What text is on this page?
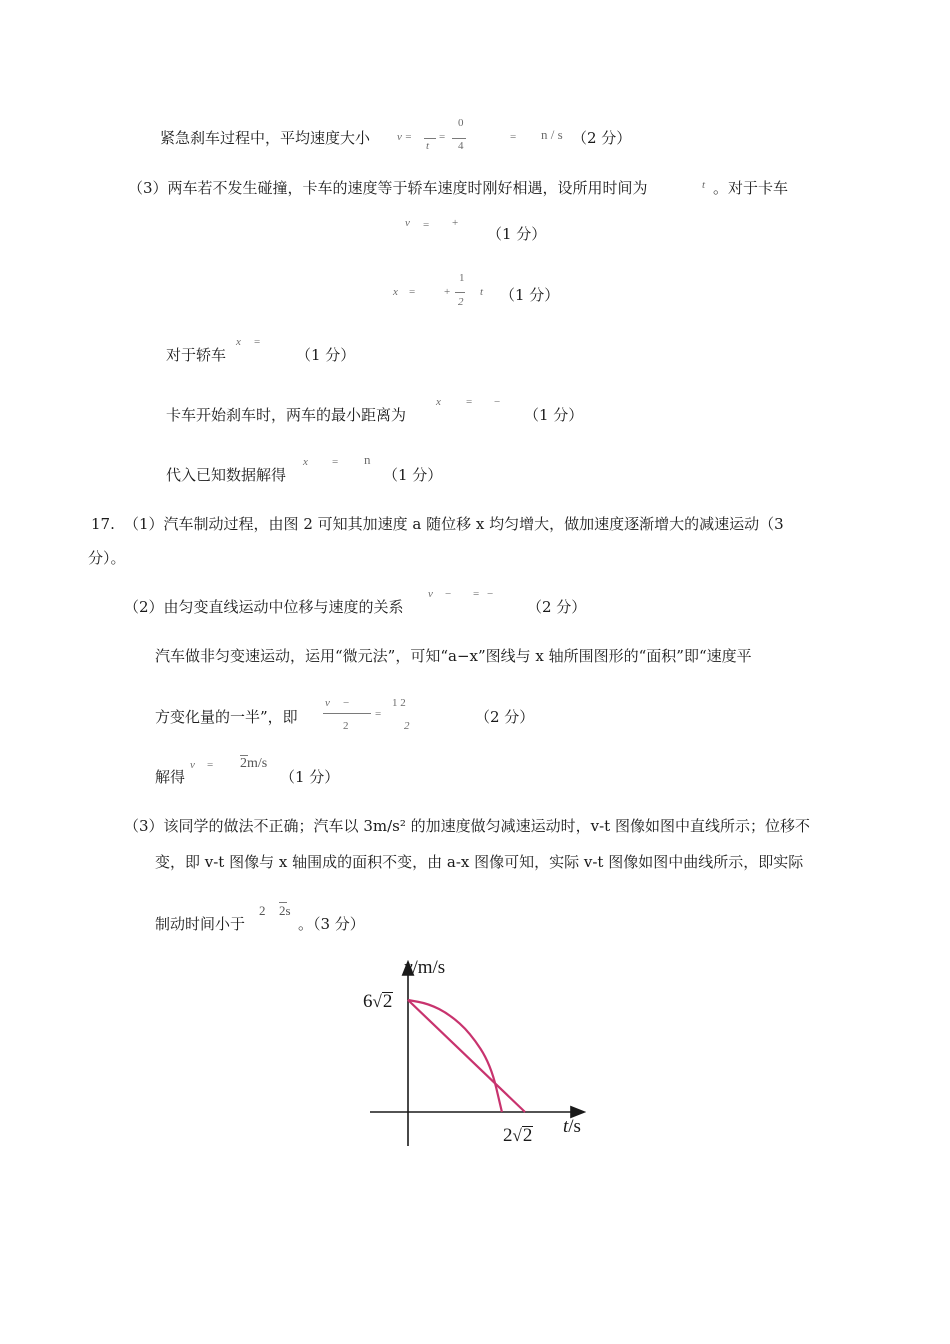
紧急刹车过程中，平均速度大小 v =
t
=
0
4
= n / s （2 分）
（3）两车若不发生碰撞，卡车的速度等于轿车速度时刚好相遇，设所用时间为	t 。对于卡车
v = +
（1 分）
x =	+
1
2
t （1 分）
对于轿车
x =
（1 分）
卡车开始刹车时，两车的最小距离为
x = −
（1 分）
代入已知数据解得
x = n
（1 分）
17. （1）汽车制动过程，由图 2 可知其加速度 a 随位移 x 均匀增大，做加速度逐渐增大的减速运动（3
分）。
（2）由匀变直线运动中位移与速度的关系
v − = −
（2 分）
汽车做非匀变速运动，运用“微元法”，可知“a−x”图线与 x 轴所围图形的“面积”即“速度平
方变化量的一半”，即
v −
2
=
1 2
2	（2 分）
解得
v = 2m/s
（1 分）
（3）该同学的做法不正确；汽车以 3m/s² 的加速度做匀减速运动时，v-t 图像如图中直线所示；位移不
变，即 v-t 图像与 x 轴围成的面积不变，由 a-x 图像可知，实际 v-t 图像如图中曲线所示，即实际
制动时间小于
2 2s
。（3 分）
v/m/s
6√2
2√2 t/s
